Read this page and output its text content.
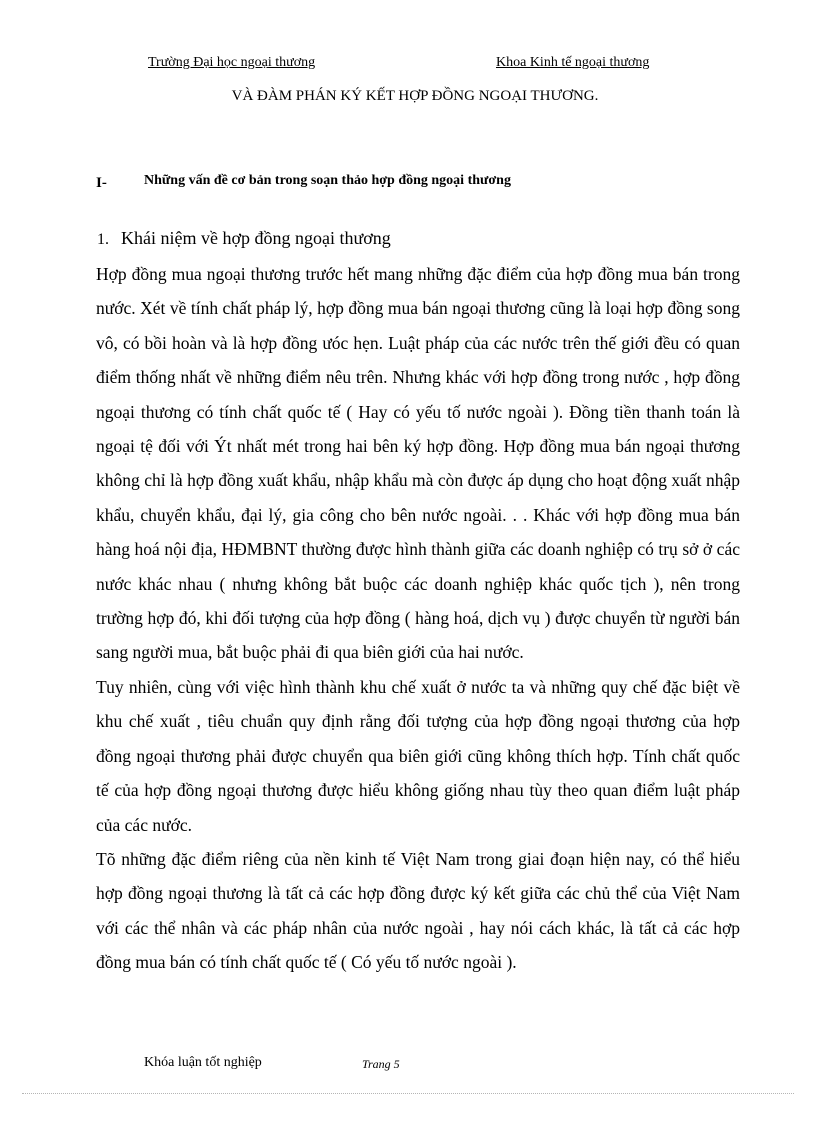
Trường Đại học ngoại thương	Khoa Kinh tế ngoại thương
VÀ ĐÀM PHÁN KÝ KẾT HỢP ĐỒNG NGOẠI THƯƠNG.
I-	Những vấn đề cơ bản trong soạn thảo hợp đồng ngoại thương
1. Khái niệm về hợp đồng ngoại thương

Hợp đồng mua ngoại thương trước hết mang những đặc điểm của hợp đồng mua bán trong nước. Xét về tính chất pháp lý, hợp đồng mua bán ngoại thương cũng là loại hợp đồng song vô, có bồi hoàn và là hợp đồng ưóc hẹn. Luật pháp của các nước trên thế giới đều có quan điểm thống nhất về những điểm nêu trên. Nhưng khác với hợp đồng trong nước , hợp đồng ngoại thương có tính chất quốc tế ( Hay có yếu tố nước ngoài ). Đồng tiền thanh toán là ngoại tệ đối với Ýt nhất mét trong hai bên ký hợp đồng. Hợp đồng mua bán ngoại thương không chỉ là hợp đồng xuất khẩu, nhập khẩu mà còn được áp dụng cho hoạt động xuất nhập khẩu, chuyển khẩu, đại lý, gia công cho bên nước ngoài. . . Khác với hợp đồng mua bán hàng hoá nội địa, HĐMBNT thường được hình thành giữa các doanh nghiệp có trụ sở ở các nước khác nhau ( nhưng không bắt buộc các doanh nghiệp khác quốc tịch ), nên trong trường hợp đó, khi đối tượng của hợp đồng ( hàng hoá, dịch vụ ) được chuyển từ người bán sang người mua, bắt buộc phải đi qua biên giới của hai nước.

Tuy nhiên, cùng với việc hình thành khu chế xuất ở nước ta và những quy chế đặc biệt về khu chế xuất , tiêu chuẩn quy định rằng đối tượng của hợp đồng ngoại thương của hợp đồng ngoại thương phải được chuyển qua biên giới cũng không thích hợp. Tính chất quốc tế của hợp đồng ngoại thương được hiểu không giống nhau tùy theo quan điểm luật pháp của các nước.

Tõ những đặc điểm riêng của nền kinh tế Việt Nam trong giai đoạn hiện nay, có thể hiểu hợp đồng ngoại thương là tất cả các hợp đồng được ký kết giữa các chủ thể của Việt Nam với các thể nhân và các pháp nhân của nước ngoài , hay nói cách khác, là tất cả các hợp đồng mua bán có tính chất quốc tế ( Có yếu tố nước ngoài ).

Khóa luận tốt nghiệp	Trang 5
